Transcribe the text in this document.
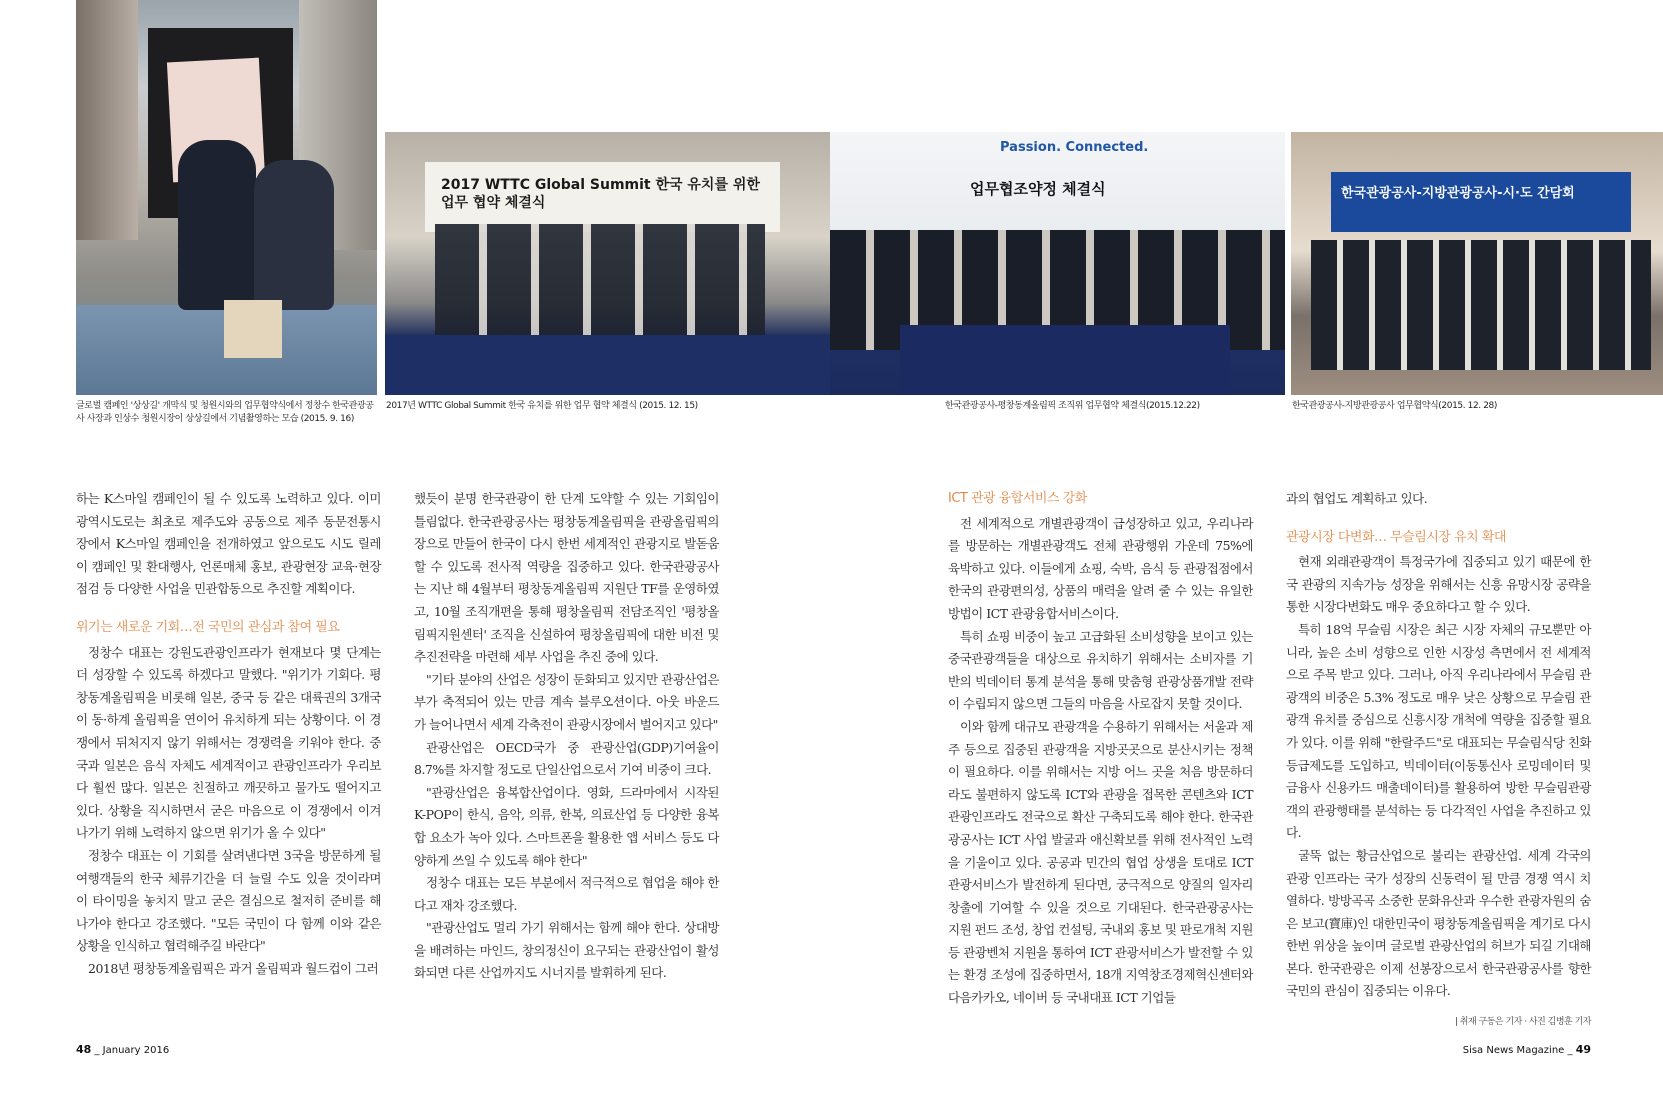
2017 WTTC Global Summit 한국 유치를 위한 업무 협약 체결식
Passion. Connected.
업무협조약정 체결식	한국관광공사-지방관광공사-시·도 간담회
글로벌 캠페인 '상상길' 개막식 및 청원시와의 업무협약식에서 정창수 한국관광공사 사장과 인상수 청원시장이 상상길에서 기념촬영하는 모습 (2015. 9. 16)
2017년 WTTC Global Summit 한국 유치를 위한 업무 협약 체결식 (2015. 12. 15)	한국관광공사-평창동계올림픽 조직위 업무협약 체결식(2015.12.22)	한국관광공사-지방관광공사 업무협약식(2015. 12. 28)

하는 K스마일 캠페인이 될 수 있도록 노력하고 있다. 이미 광역시도로는 최초로 제주도와 공동으로 제주 동문전통시장에서 K스마일 캠페인을 전개하였고 앞으로도 시도 릴레이 캠페인 및 환대행사, 언론매체 홍보, 관광현장 교육·현장점검 등 다양한 사업을 민관합동으로 추진할 계획이다.

위기는 새로운 기회…전 국민의 관심과 참여 필요

정창수 대표는 강원도관광인프라가 현재보다 몇 단계는 더 성장할 수 있도록 하겠다고 말했다. "위기가 기회다. 평창동계올림픽을 비롯해 일본, 중국 등 같은 대륙권의 3개국이 동·하계 올림픽을 연이어 유치하게 되는 상황이다. 이 경쟁에서 뒤처지지 않기 위해서는 경쟁력을 키워야 한다. 중국과 일본은 음식 자체도 세계적이고 관광인프라가 우리보다 훨씬 많다. 일본은 친절하고 깨끗하고 물가도 떨어지고 있다. 상황을 직시하면서 굳은 마음으로 이 경쟁에서 이겨나가기 위해 노력하지 않으면 위기가 올 수 있다"

정창수 대표는 이 기회를 살려낸다면 3국을 방문하게 될 여행객들의 한국 체류기간을 더 늘릴 수도 있을 것이라며 이 타이밍을 놓치지 말고 굳은 결심으로 철저히 준비를 해나가야 한다고 강조했다. "모든 국민이 다 함께 이와 같은 상황을 인식하고 협력해주길 바란다"

2018년 평창동계올림픽은 과거 올림픽과 월드컵이 그러

했듯이 분명 한국관광이 한 단계 도약할 수 있는 기회임이 틀림없다. 한국관광공사는 평창동계올림픽을 관광올림픽의 장으로 만들어 한국이 다시 한번 세계적인 관광지로 발돋움할 수 있도록 전사적 역량을 집중하고 있다. 한국관광공사는 지난 해 4월부터 평창동계올림픽 지원단 TF를 운영하였고, 10월 조직개편을 통해 평창올림픽 전담조직인 '평창올림픽지원센터' 조직을 신설하여 평창올림픽에 대한 비전 및 추진전략을 마련해 세부 사업을 추진 중에 있다.

"기타 분야의 산업은 성장이 둔화되고 있지만 관광산업은 부가 축적되어 있는 만큼 계속 블루오션이다. 아웃 바운드가 늘어나면서 세계 각축전이 관광시장에서 벌어지고 있다"

관광산업은 OECD국가 중 관광산업(GDP)기여율이 8.7%를 차지할 정도로 단일산업으로서 기여 비중이 크다.

"관광산업은 융복합산업이다. 영화, 드라마에서 시작된 K-POP이 한식, 음악, 의류, 한복, 의료산업 등 다양한 융복합 요소가 녹아 있다. 스마트폰을 활용한 앱 서비스 등도 다양하게 쓰일 수 있도록 해야 한다"

정창수 대표는 모든 부분에서 적극적으로 협업을 해야 한다고 재차 강조했다.

"관광산업도 멀리 가기 위해서는 함께 해야 한다. 상대방을 배려하는 마인드, 창의정신이 요구되는 관광산업이 활성화되면 다른 산업까지도 시너지를 발휘하게 된다.

ICT 관광 융합서비스 강화

전 세계적으로 개별관광객이 급성장하고 있고, 우리나라를 방문하는 개별관광객도 전체 관광행위 가운데 75%에 육박하고 있다. 이들에게 쇼핑, 숙박, 음식 등 관광접점에서 한국의 관광편의성, 상품의 매력을 알려 줄 수 있는 유일한 방법이 ICT 관광융합서비스이다.

특히 쇼핑 비중이 높고 고급화된 소비성향을 보이고 있는 중국관광객들을 대상으로 유치하기 위해서는 소비자를 기반의 빅데이터 통계 분석을 통해 맞춤형 관광상품개발 전략이 수립되지 않으면 그들의 마음을 사로잡지 못할 것이다.

이와 함께 대규모 관광객을 수용하기 위해서는 서울과 제주 등으로 집중된 관광객을 지방곳곳으로 분산시키는 정책이 필요하다. 이를 위해서는 지방 어느 곳을 처음 방문하더라도 불편하지 않도록 ICT와 관광을 접목한 콘텐츠와 ICT 관광인프라도 전국으로 확산 구축되도록 해야 한다. 한국관광공사는 ICT 사업 발굴과 애신확보를 위해 전사적인 노력을 기울이고 있다. 공공과 민간의 협업 상생을 토대로 ICT 관광서비스가 발전하게 된다면, 궁극적으로 양질의 일자리 창출에 기여할 수 있을 것으로 기대된다. 한국관광공사는 지원 펀드 조성, 창업 컨설팅, 국내외 홍보 및 판로개척 지원 등 관광벤처 지원을 통하여 ICT 관광서비스가 발전할 수 있는 환경 조성에 집중하면서, 18개 지역창조경제혁신센터와 다음카카오, 네이버 등 국내대표 ICT 기업들

과의 협업도 계획하고 있다.

관광시장 다변화… 무슬림시장 유치 확대

현재 외래관광객이 특정국가에 집중되고 있기 때문에 한국 관광의 지속가능 성장을 위해서는 신흥 유망시장 공략을 통한 시장다변화도 매우 중요하다고 할 수 있다.

특히 18억 무슬림 시장은 최근 시장 자체의 규모뿐만 아니라, 높은 소비 성향으로 인한 시장성 측면에서 전 세계적으로 주목 받고 있다. 그러나, 아직 우리나라에서 무슬림 관광객의 비중은 5.3% 정도로 매우 낮은 상황으로 무슬림 관광객 유치를 중심으로 신흥시장 개척에 역량을 집중할 필요가 있다. 이를 위해 "한랄주드"로 대표되는 무슬림식당 친화등급제도를 도입하고, 빅데이터(이동통신사 로밍데이터 및 금융사 신용카드 매출데이터)를 활용하여 방한 무슬림관광객의 관광행태를 분석하는 등 다각적인 사업을 추진하고 있다.

굴뚝 없는 황금산업으로 불리는 관광산업. 세계 각국의 관광 인프라는 국가 성장의 신동력이 될 만큼 경쟁 역시 치열하다. 방방곡곡 소중한 문화유산과 우수한 관광자원의 숨은 보고(寶庫)인 대한민국이 평창동계올림픽을 계기로 다시한번 위상을 높이며 글로벌 관광산업의 허브가 되길 기대해본다. 한국관광은 이제 선봉장으로서 한국관광공사를 향한 국민의 관심이 집중되는 이유다.

| 취재 구동은 기자 · 사진 김병훈 기자
48 _ January 2016	Sisa News Magazine _ 49
